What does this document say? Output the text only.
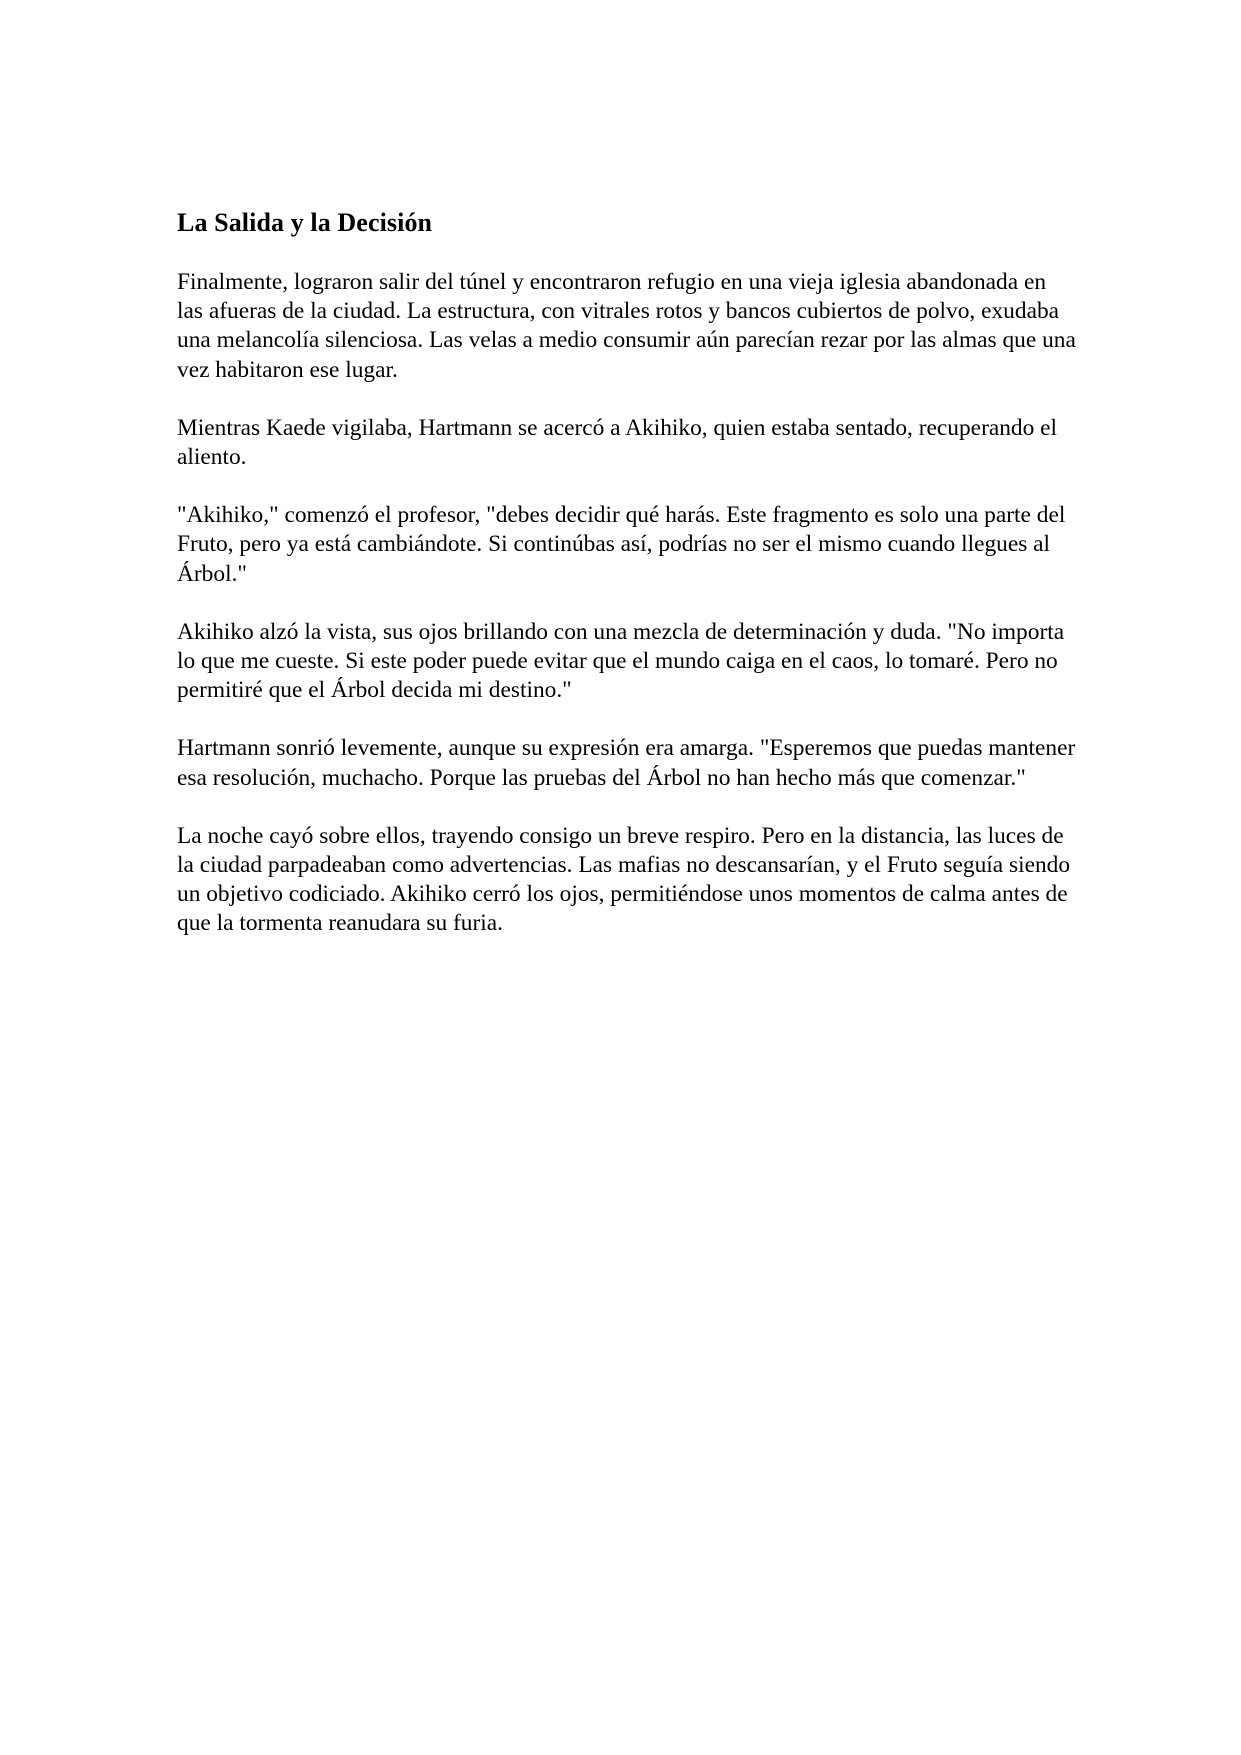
La Salida y la Decisión

Finalmente, lograron salir del túnel y encontraron refugio en una vieja iglesia abandonada en las afueras de la ciudad. La estructura, con vitrales rotos y bancos cubiertos de polvo, exudaba una melancolía silenciosa. Las velas a medio consumir aún parecían rezar por las almas que una vez habitaron ese lugar.

Mientras Kaede vigilaba, Hartmann se acercó a Akihiko, quien estaba sentado, recuperando el aliento.

"Akihiko," comenzó el profesor, "debes decidir qué harás. Este fragmento es solo una parte del Fruto, pero ya está cambiándote. Si continúbas así, podrías no ser el mismo cuando llegues al Árbol."

Akihiko alzó la vista, sus ojos brillando con una mezcla de determinación y duda. "No importa lo que me cueste. Si este poder puede evitar que el mundo caiga en el caos, lo tomaré. Pero no permitiré que el Árbol decida mi destino."

Hartmann sonrió levemente, aunque su expresión era amarga. "Esperemos que puedas mantener esa resolución, muchacho. Porque las pruebas del Árbol no han hecho más que comenzar."

La noche cayó sobre ellos, trayendo consigo un breve respiro. Pero en la distancia, las luces de la ciudad parpadeaban como advertencias. Las mafias no descansarían, y el Fruto seguía siendo un objetivo codiciado. Akihiko cerró los ojos, permitiéndose unos momentos de calma antes de que la tormenta reanudara su furia.
